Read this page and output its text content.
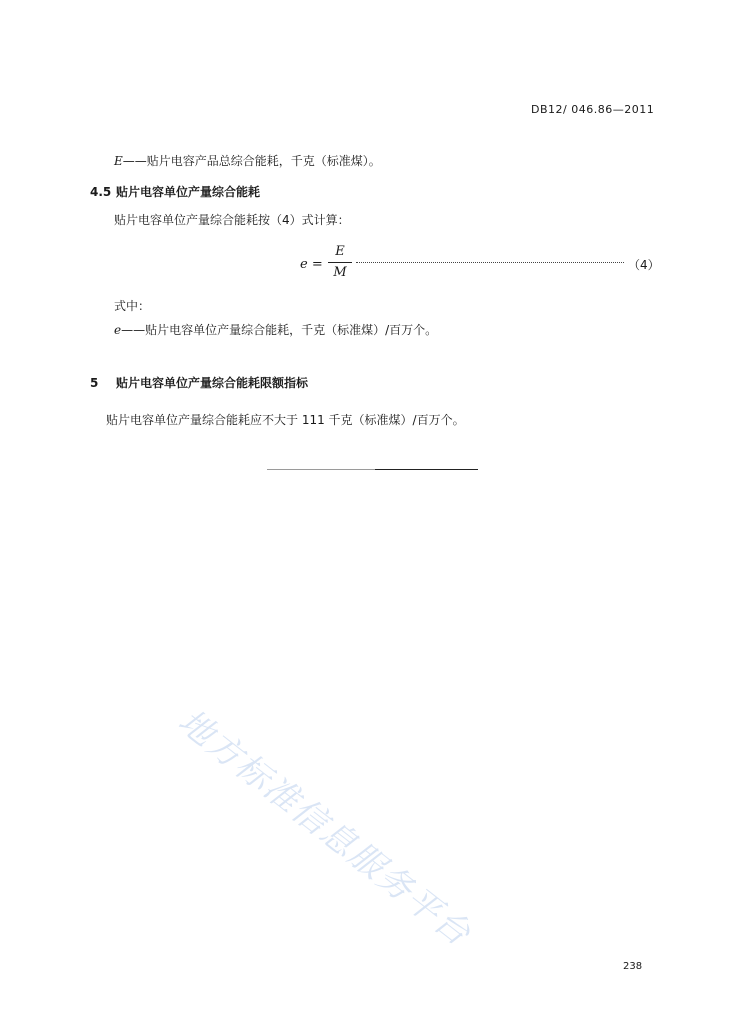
DB12/ 046.86—2011
E——贴片电容产品总综合能耗，千克（标准煤）。
4.5 贴片电容单位产量综合能耗
贴片电容单位产量综合能耗按（4）式计算：
e =
E
M	（4）
式中：
e——贴片电容单位产量综合能耗，千克（标准煤）/百万个。
5 贴片电容单位产量综合能耗限额指标
贴片电容单位产量综合能耗应不大于 111 千克（标准煤）/百万个。
地方标准信息服务平台
238
